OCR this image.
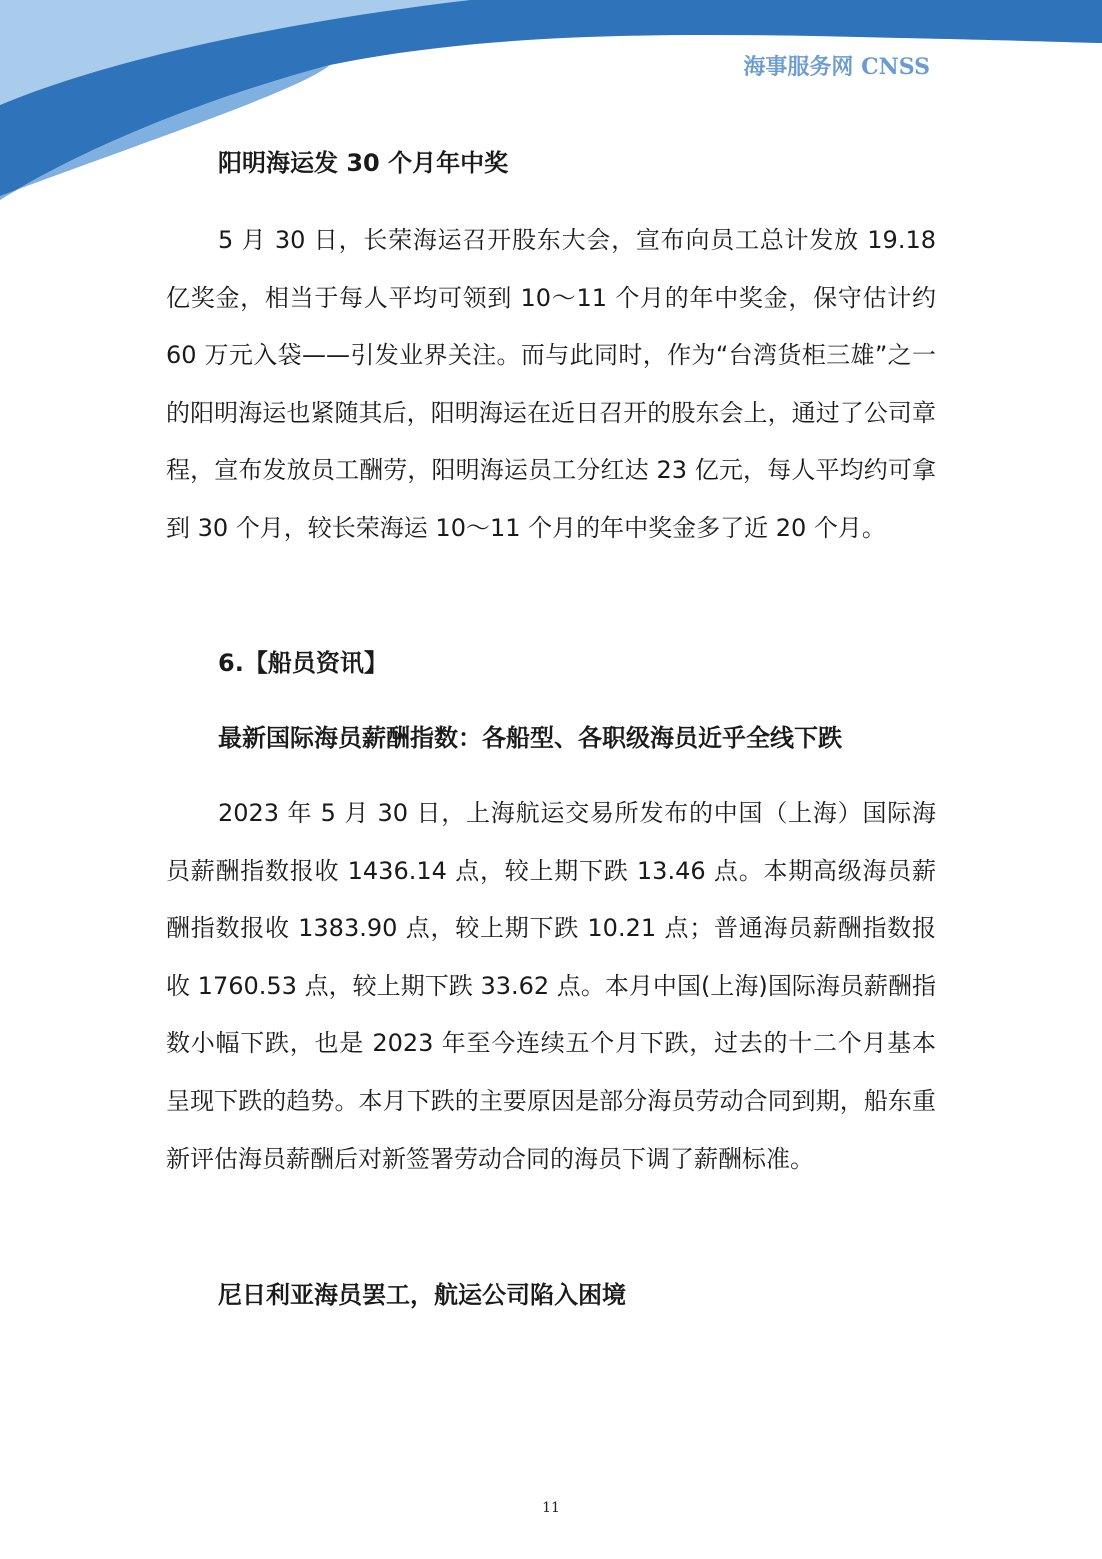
海事服务网 CNSS
阳明海运发 30 个月年中奖
5 月 30 日，长荣海运召开股东大会，宣布向员工总计发放 19.18 亿奖金，相当于每人平均可领到 10～11 个月的年中奖金，保守估计约 60 万元入袋——引发业界关注。而与此同时，作为“台湾货柜三雄”之一的阳明海运也紧随其后，阳明海运在近日召开的股东会上，通过了公司章程，宣布发放员工酬劳，阳明海运员工分红达 23 亿元，每人平均约可拿到 30 个月，较长荣海运 10～11 个月的年中奖金多了近 20 个月。
6.【船员资讯】
最新国际海员薪酬指数：各船型、各职级海员近乎全线下跌
2023 年 5 月 30 日，上海航运交易所发布的中国（上海）国际海员薪酬指数报收 1436.14 点，较上期下跌 13.46 点。本期高级海员薪酬指数报收 1383.90 点，较上期下跌 10.21 点；普通海员薪酬指数报收 1760.53 点，较上期下跌 33.62 点。本月中国(上海)国际海员薪酬指数小幅下跌，也是 2023 年至今连续五个月下跌，过去的十二个月基本呈现下跌的趋势。本月下跌的主要原因是部分海员劳动合同到期，船东重新评估海员薪酬后对新签署劳动合同的海员下调了薪酬标准。
尼日利亚海员罢工，航运公司陷入困境
11
